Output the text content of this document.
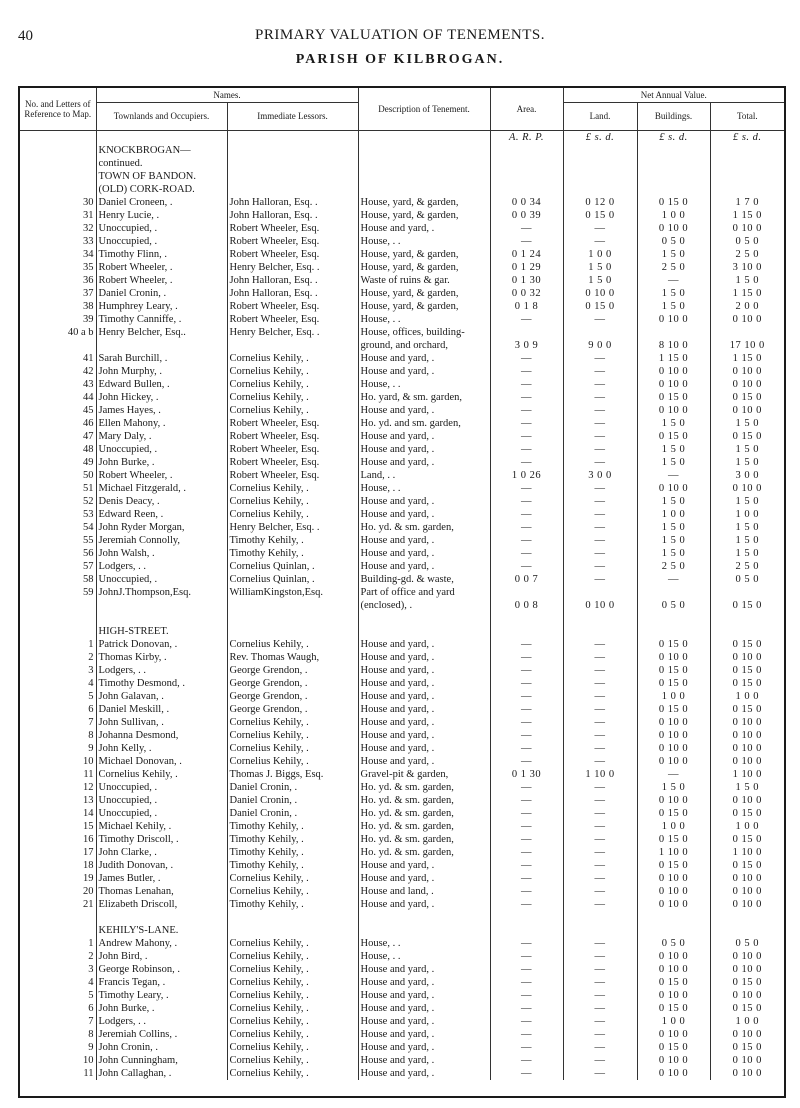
40	PRIMARY VALUATION OF TENEMENTS.
PARISH OF KILBROGAN.
No. and Letters of Reference to Map.	Names.		Description of Tenement.	Area.	Net Annual Value.		
	Townlands and Occupiers.	Immediate Lessors.			Land.	Buildings.	Total.
				A. R. P.	£ s. d.	£ s. d.	£ s. d.
	KNOCKBROGAN—						
	continued.						
	TOWN OF BANDON.						
	(OLD) CORK-ROAD.						
30	Daniel Croneen, .	John Halloran, Esq. .	House, yard, & garden,	0 0 34	0 12 0	0 15 0	1 7 0
31	Henry Lucie, .	John Halloran, Esq. .	House, yard, & garden,	0 0 39	0 15 0	1 0 0	1 15 0
32	Unoccupied, .	Robert Wheeler, Esq.	House and yard, .	—	—	0 10 0	0 10 0
33	Unoccupied, .	Robert Wheeler, Esq.	House, . .	—	—	0 5 0	0 5 0
34	Timothy Flinn, .	Robert Wheeler, Esq.	House, yard, & garden,	0 1 24	1 0 0	1 5 0	2 5 0
35	Robert Wheeler, .	Henry Belcher, Esq. .	House, yard, & garden,	0 1 29	1 5 0	2 5 0	3 10 0
36	Robert Wheeler, .	John Halloran, Esq. .	Waste of ruins & gar.	0 1 30	1 5 0	—	1 5 0
37	Daniel Cronin, .	John Halloran, Esq. .	House, yard, & garden,	0 0 32	0 10 0	1 5 0	1 15 0
38	Humphrey Leary, .	Robert Wheeler, Esq.	House, yard, & garden,	0 1 8	0 15 0	1 5 0	2 0 0
39	Timothy Canniffe, .	Robert Wheeler, Esq.	House, . .	—	—	0 10 0	0 10 0
40 a b	Henry Belcher, Esq..	Henry Belcher, Esq. .	House, offices, building-				
			ground, and orchard,	3 0 9	9 0 0	8 10 0	17 10 0
41	Sarah Burchill, .	Cornelius Kehily, .	House and yard, .	—	—	1 15 0	1 15 0
42	John Murphy, .	Cornelius Kehily, .	House and yard, .	—	—	0 10 0	0 10 0
43	Edward Bullen, .	Cornelius Kehily, .	House, . .	—	—	0 10 0	0 10 0
44	John Hickey, .	Cornelius Kehily, .	Ho. yard, & sm. garden,	—	—	0 15 0	0 15 0
45	James Hayes, .	Cornelius Kehily, .	House and yard, .	—	—	0 10 0	0 10 0
46	Ellen Mahony, .	Robert Wheeler, Esq.	Ho. yd. and sm. garden,	—	—	1 5 0	1 5 0
47	Mary Daly, .	Robert Wheeler, Esq.	House and yard, .	—	—	0 15 0	0 15 0
48	Unoccupied, .	Robert Wheeler, Esq.	House and yard, .	—	—	1 5 0	1 5 0
49	John Burke, .	Robert Wheeler, Esq.	House and yard, .	—	—	1 5 0	1 5 0
50	Robert Wheeler, .	Robert Wheeler, Esq.	Land, . .	1 0 26	3 0 0	—	3 0 0
51	Michael Fitzgerald, .	Cornelius Kehily, .	House, . .	—	—	0 10 0	0 10 0
52	Denis Deacy, .	Cornelius Kehily, .	House and yard, .	—	—	1 5 0	1 5 0
53	Edward Reen, .	Cornelius Kehily, .	House and yard, .	—	—	1 0 0	1 0 0
54	John Ryder Morgan,	Henry Belcher, Esq. .	Ho. yd. & sm. garden,	—	—	1 5 0	1 5 0
55	Jeremiah Connolly,	Timothy Kehily, .	House and yard, .	—	—	1 5 0	1 5 0
56	John Walsh, .	Timothy Kehily, .	House and yard, .	—	—	1 5 0	1 5 0
57	Lodgers, . .	Cornelius Quinlan, .	House and yard, .	—	—	2 5 0	2 5 0
58	Unoccupied, .	Cornelius Quinlan, .	Building-gd. & waste,	0 0 7	—	—	0 5 0
59	JohnJ.Thompson,Esq.	WilliamKingston,Esq.	Part of office and yard				
			(enclosed), .	0 0 8	0 10 0	0 5 0	0 15 0

	HIGH-STREET.						
1	Patrick Donovan, .	Cornelius Kehily, .	House and yard, .	—	—	0 15 0	0 15 0
2	Thomas Kirby, .	Rev. Thomas Waugh,	House and yard, .	—	—	0 10 0	0 10 0
3	Lodgers, . .	George Grendon, .	House and yard, .	—	—	0 15 0	0 15 0
4	Timothy Desmond, .	George Grendon, .	House and yard, .	—	—	0 15 0	0 15 0
5	John Galavan, .	George Grendon, .	House and yard, .	—	—	1 0 0	1 0 0
6	Daniel Meskill, .	George Grendon, .	House and yard, .	—	—	0 15 0	0 15 0
7	John Sullivan, .	Cornelius Kehily, .	House and yard, .	—	—	0 10 0	0 10 0
8	Johanna Desmond,	Cornelius Kehily, .	House and yard, .	—	—	0 10 0	0 10 0
9	John Kelly, .	Cornelius Kehily, .	House and yard, .	—	—	0 10 0	0 10 0
10	Michael Donovan, .	Cornelius Kehily, .	House and yard, .	—	—	0 10 0	0 10 0
11	Cornelius Kehily, .	Thomas J. Biggs, Esq.	Gravel-pit & garden,	0 1 30	1 10 0	—	1 10 0
12	Unoccupied, .	Daniel Cronin, .	Ho. yd. & sm. garden,	—	—	1 5 0	1 5 0
13	Unoccupied, .	Daniel Cronin, .	Ho. yd. & sm. garden,	—	—	0 10 0	0 10 0
14	Unoccupied, .	Daniel Cronin, .	Ho. yd. & sm. garden,	—	—	0 15 0	0 15 0
15	Michael Kehily, .	Timothy Kehily, .	Ho. yd. & sm. garden,	—	—	1 0 0	1 0 0
16	Timothy Driscoll, .	Timothy Kehily, .	Ho. yd. & sm. garden,	—	—	0 15 0	0 15 0
17	John Clarke, .	Timothy Kehily, .	Ho. yd. & sm. garden,	—	—	1 10 0	1 10 0
18	Judith Donovan, .	Timothy Kehily, .	House and yard, .	—	—	0 15 0	0 15 0
19	James Butler, .	Cornelius Kehily, .	House and yard, .	—	—	0 10 0	0 10 0
20	Thomas Lenahan,	Cornelius Kehily, .	House and land, .	—	—	0 10 0	0 10 0
21	Elizabeth Driscoll,	Timothy Kehily, .	House and yard, .	—	—	0 10 0	0 10 0

	KEHILY'S-LANE.						
1	Andrew Mahony, .	Cornelius Kehily, .	House, . .	—	—	0 5 0	0 5 0
2	John Bird, .	Cornelius Kehily, .	House, . .	—	—	0 10 0	0 10 0
3	George Robinson, .	Cornelius Kehily, .	House and yard, .	—	—	0 10 0	0 10 0
4	Francis Tegan, .	Cornelius Kehily, .	House and yard, .	—	—	0 15 0	0 15 0
5	Timothy Leary, .	Cornelius Kehily, .	House and yard, .	—	—	0 10 0	0 10 0
6	John Burke, .	Cornelius Kehily, .	House and yard, .	—	—	0 15 0	0 15 0
7	Lodgers, . .	Cornelius Kehily, .	House and yard, .	—	—	1 0 0	1 0 0
8	Jeremiah Collins, .	Cornelius Kehily, .	House and yard, .	—	—	0 10 0	0 10 0
9	John Cronin, .	Cornelius Kehily, .	House and yard, .	—	—	0 15 0	0 15 0
10	John Cunningham,	Cornelius Kehily, .	House and yard, .	—	—	0 10 0	0 10 0
11	John Callaghan, .	Cornelius Kehily, .	House and yard, .	—	—	0 10 0	0 10 0
